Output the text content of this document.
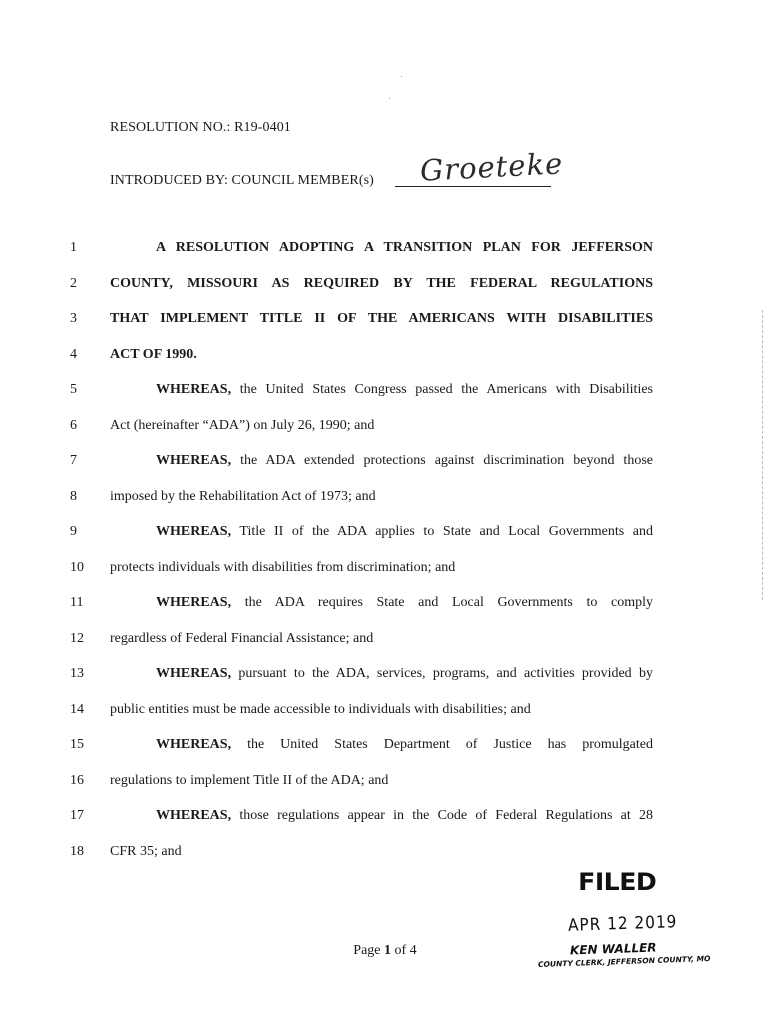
RESOLUTION NO.: R19-0401
INTRODUCED BY: COUNCIL MEMBER(s) Groeteke
1	A RESOLUTION ADOPTING A TRANSITION PLAN FOR JEFFERSON
2	COUNTY, MISSOURI AS REQUIRED BY THE FEDERAL REGULATIONS
3	THAT IMPLEMENT TITLE II OF THE AMERICANS WITH DISABILITIES
4	ACT OF 1990.
5	WHEREAS, the United States Congress passed the Americans with Disabilities
6	Act (hereinafter “ADA”) on July 26, 1990; and
7	WHEREAS, the ADA extended protections against discrimination beyond those
8	imposed by the Rehabilitation Act of 1973; and
9	WHEREAS, Title II of the ADA applies to State and Local Governments and
10	protects individuals with disabilities from discrimination; and
11	WHEREAS, the ADA requires State and Local Governments to comply
12	regardless of Federal Financial Assistance; and
13	WHEREAS, pursuant to the ADA, services, programs, and activities provided by
14	public entities must be made accessible to individuals with disabilities; and
15	WHEREAS, the United States Department of Justice has promulgated
16	regulations to implement Title II of the ADA; and
17	WHEREAS, those regulations appear in the Code of Federal Regulations at 28
18	CFR 35; and
Page 1 of 4
FILED
APR 12 2019
KEN WALLER
COUNTY CLERK, JEFFERSON COUNTY, MO
